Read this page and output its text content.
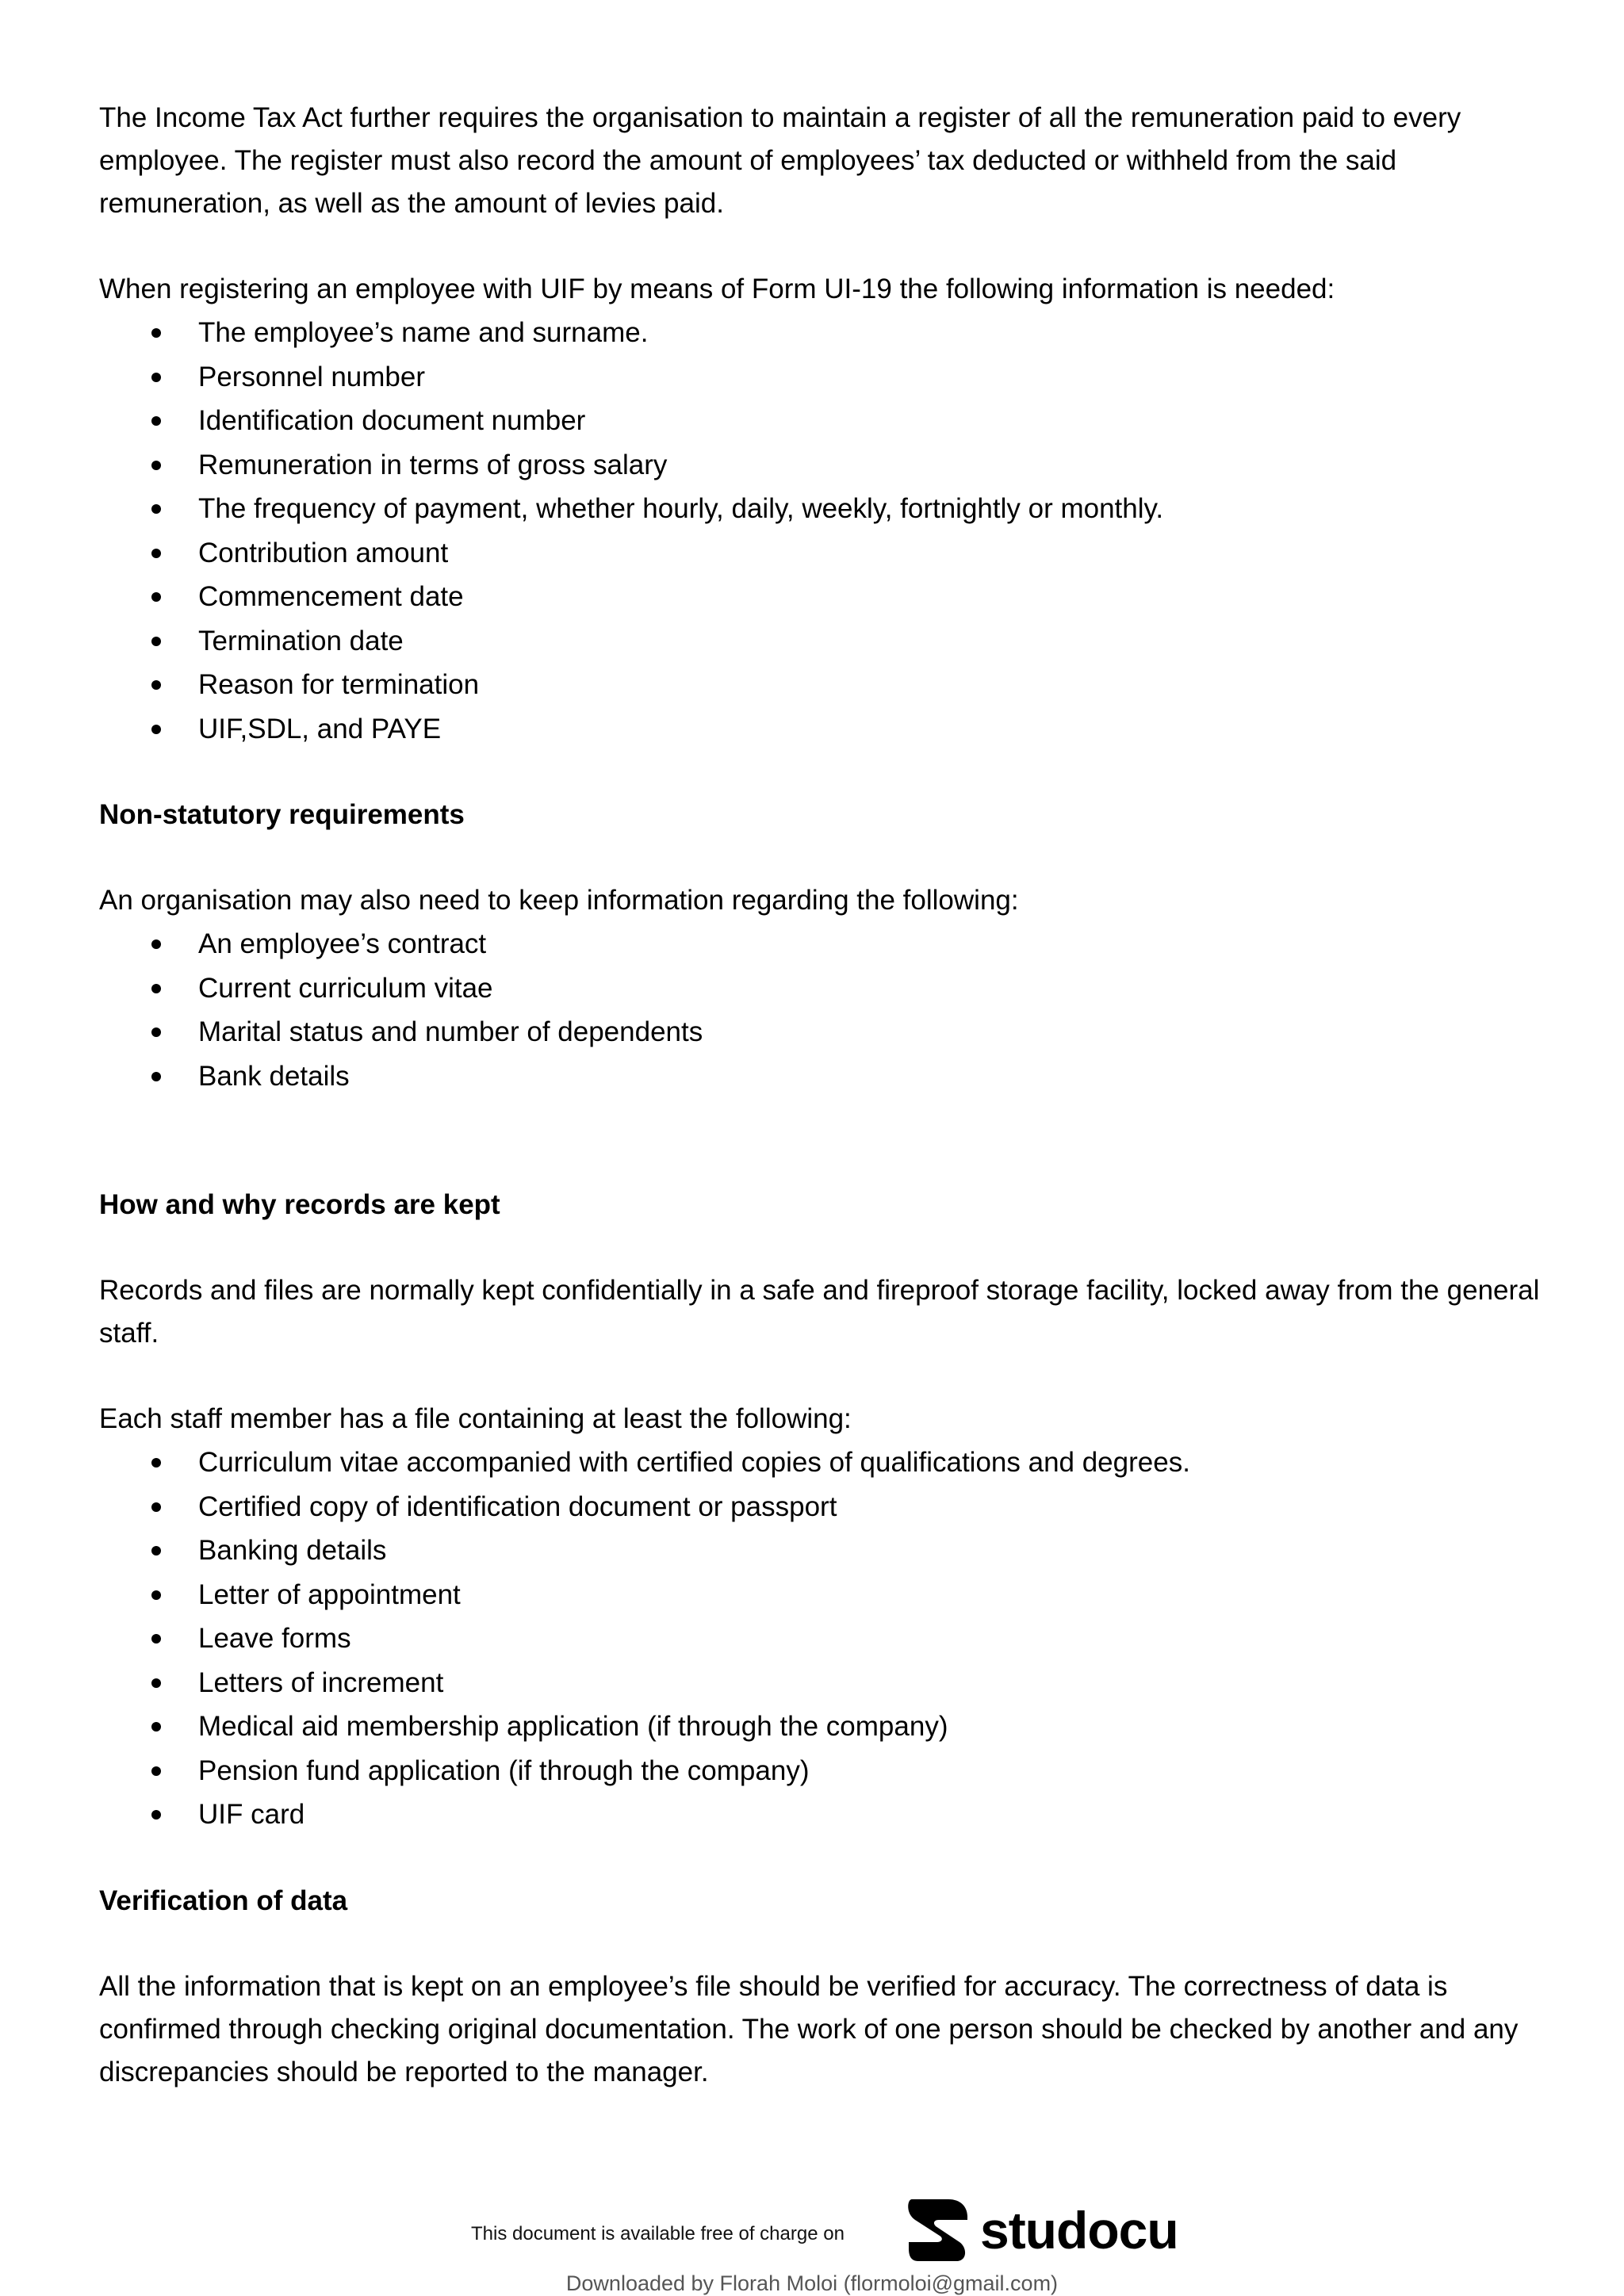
The Income Tax Act further requires the organisation to maintain a register of all the remuneration paid to every employee. The register must also record the amount of employees’ tax deducted or withheld from the said remuneration, as well as the amount of levies paid.

When registering an employee with UIF by means of Form UI-19 the following information is needed:

The employee’s name and surname.
Personnel number
Identification document number
Remuneration in terms of gross salary
The frequency of payment, whether hourly, daily, weekly, fortnightly or monthly.
Contribution amount
Commencement date
Termination date
Reason for termination
UIF,SDL, and PAYE

Non-statutory requirements

An organisation may also need to keep information regarding the following:

An employee’s contract
Current curriculum vitae
Marital status and number of dependents
Bank details

How and why records are kept

Records and files are normally kept confidentially in a safe and fireproof storage facility, locked away from the general staff.

Each staff member has a file containing at least the following:

Curriculum vitae accompanied with certified copies of qualifications and degrees.
Certified copy of identification document or passport
Banking details
Letter of appointment
Leave forms
Letters of increment
Medical aid membership application (if through the company)
Pension fund application (if through the company)
UIF card

Verification of data

All the information that is kept on an employee’s file should be verified for accuracy. The correctness of data is confirmed through checking original documentation. The work of one person should be checked by another and any discrepancies should be reported to the manager.

This document is available free of charge on	studocu
Downloaded by Florah Moloi (flormoloi@gmail.com)
